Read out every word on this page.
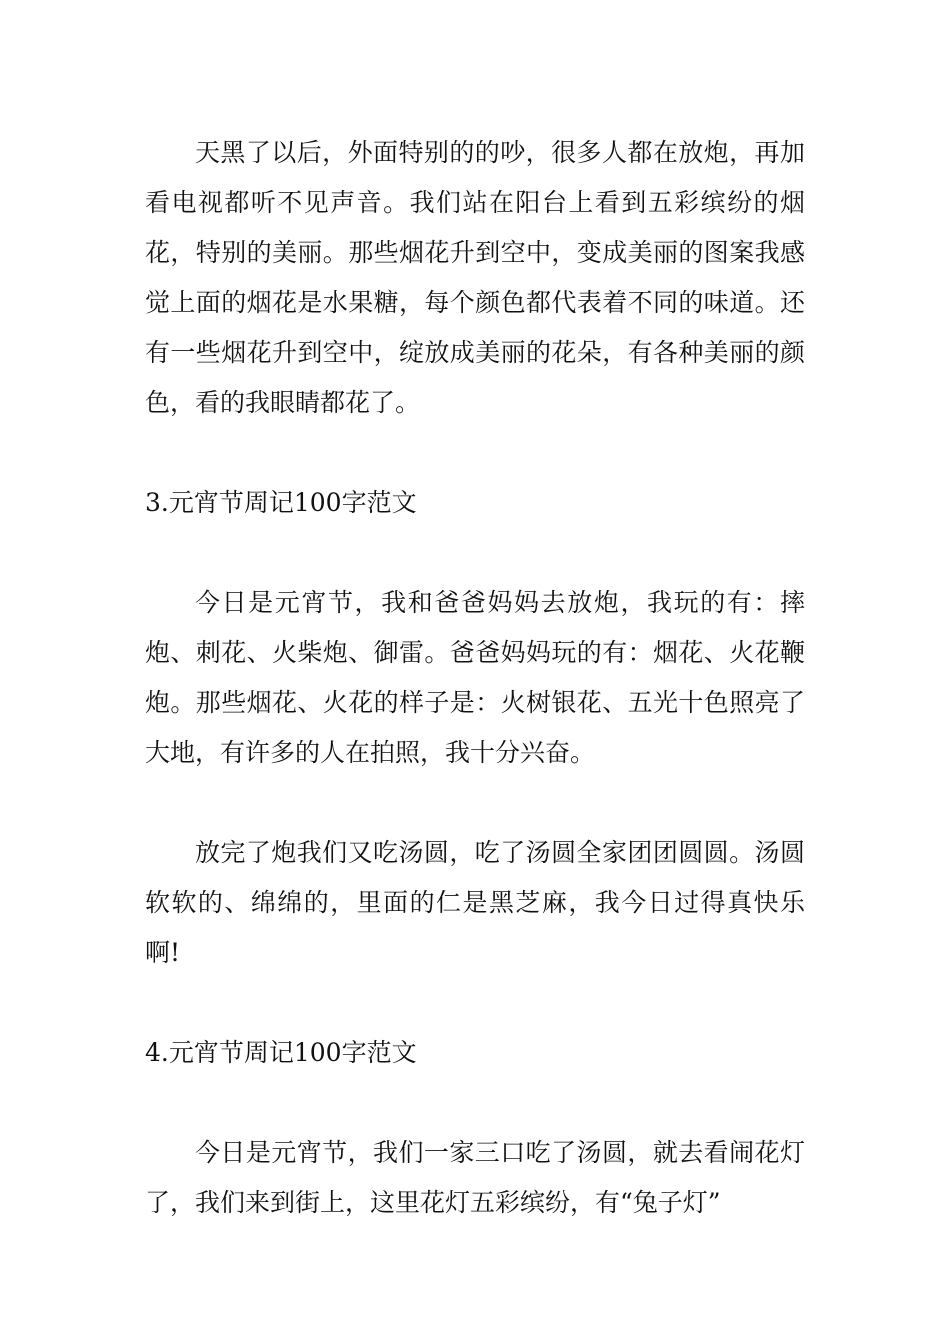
天黑了以后，外面特别的的吵，很多人都在放炮，再加看电视都听不见声音。我们站在阳台上看到五彩缤纷的烟花，特别的美丽。那些烟花升到空中，变成美丽的图案我感觉上面的烟花是水果糖，每个颜色都代表着不同的味道。还有一些烟花升到空中，绽放成美丽的花朵，有各种美丽的颜色，看的我眼睛都花了。

3.元宵节周记100字范文

今日是元宵节，我和爸爸妈妈去放炮，我玩的有：摔炮、刺花、火柴炮、御雷。爸爸妈妈玩的有：烟花、火花鞭炮。那些烟花、火花的样子是：火树银花、五光十色照亮了大地，有许多的人在拍照，我十分兴奋。

放完了炮我们又吃汤圆，吃了汤圆全家团团圆圆。汤圆软软的、绵绵的，里面的仁是黑芝麻，我今日过得真快乐啊!

4.元宵节周记100字范文

今日是元宵节，我们一家三口吃了汤圆，就去看闹花灯了，我们来到街上，这里花灯五彩缤纷，有“兔子灯”
